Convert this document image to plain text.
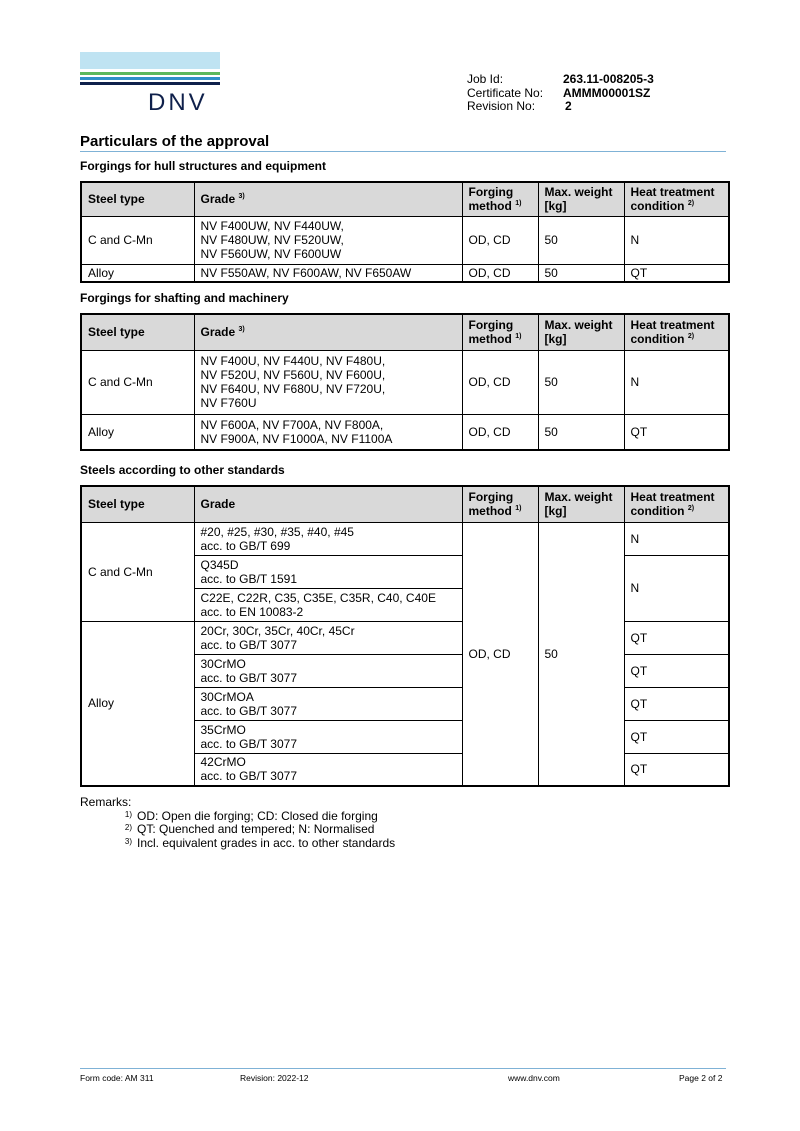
DNV
Job Id:	263.11-008205-3
Certificate No:	AMMM00001SZ
Revision No:	2
Particulars of the approval
Forgings for hull structures and equipment
Steel type	Grade $^{3)}$	Forging method $^{1)}$	Max. weight [kg]	Heat treatment condition $^{2)}$
C and C-Mn	NV F400UW, NV F440UW,
NV F480UW, NV F520UW,
NV F560UW, NV F600UW	OD, CD	50	N
Alloy	NV F550AW, NV F600AW, NV F650AW	OD, CD	50	QT
Forgings for shafting and machinery
Steel type	Grade $^{3)}$	Forging method $^{1)}$	Max. weight [kg]	Heat treatment condition $^{2)}$
C and C-Mn	NV F400U, NV F440U, NV F480U,
NV F520U, NV F560U, NV F600U,
NV F640U, NV F680U, NV F720U,
NV F760U	OD, CD	50	N
Alloy	NV F600A, NV F700A, NV F800A,
NV F900A, NV F1000A, NV F1100A	OD, CD	50	QT
Steels according to other standards
Steel type	Grade	Forging method $^{1)}$	Max. weight [kg]	Heat treatment condition $^{2)}$
C and C-Mn	#20, #25, #30, #35, #40, #45
acc. to GB/T 699	OD, CD	50	N
	Q345D
acc. to GB/T 1591			N
	C22E, C22R, C35, C35E, C35R, C40, C40E
acc. to EN 10083-2			
Alloy	20Cr, 30Cr, 35Cr, 40Cr, 45Cr
acc. to GB/T 3077			QT
	30CrMO
acc. to GB/T 3077			QT
	30CrMOA
acc. to GB/T 3077			QT
	35CrMO
acc. to GB/T 3077			QT
	42CrMO
acc. to GB/T 3077			QT
Remarks:
1) OD: Open die forging; CD: Closed die forging
2) QT: Quenched and tempered; N: Normalised
3) Incl. equivalent grades in acc. to other standards
Form code: AM 311	Revision: 2022-12	www.dnv.com	Page 2 of 2
